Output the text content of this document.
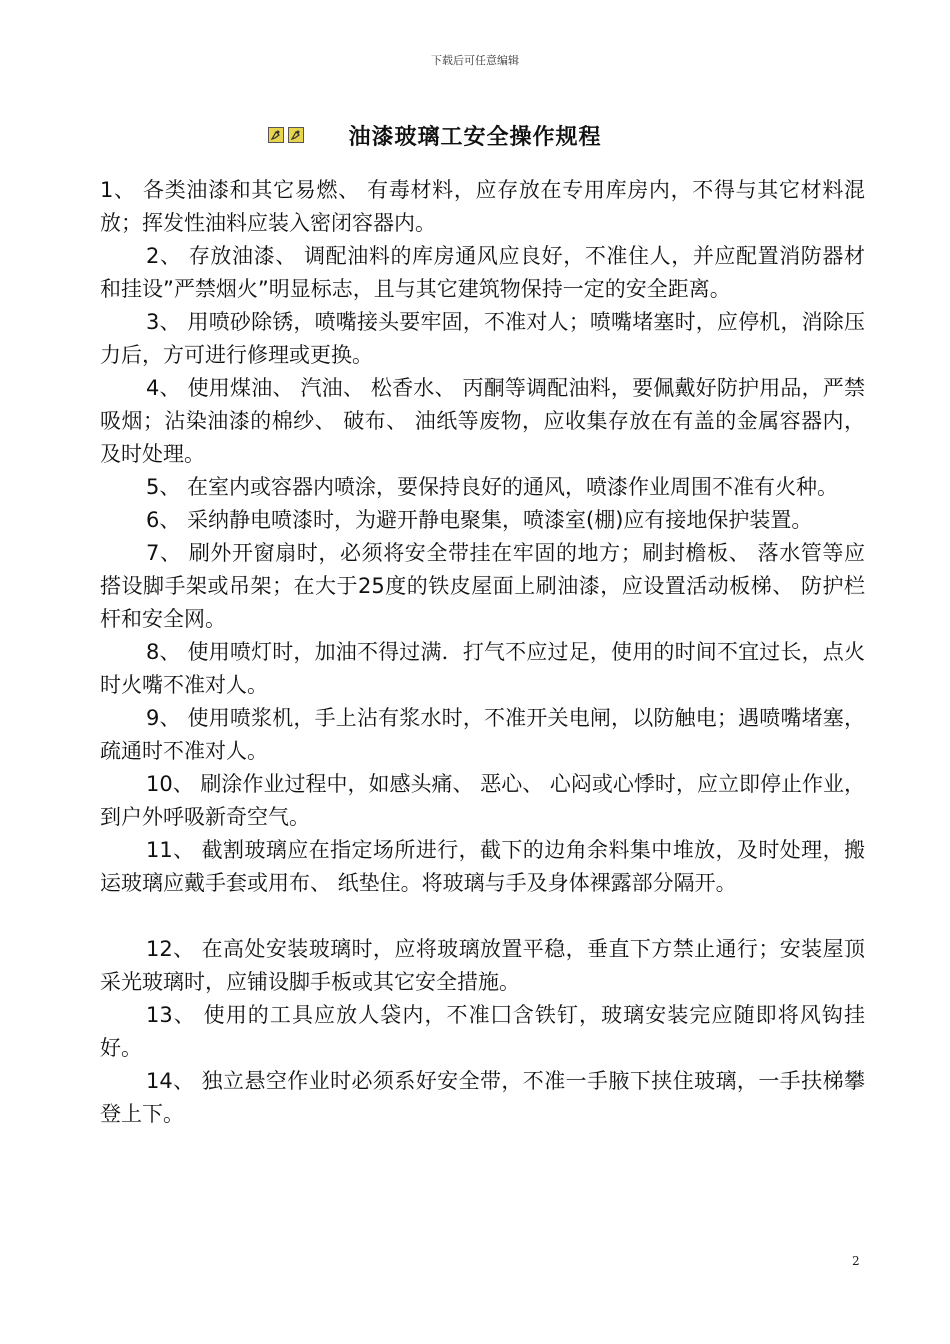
下载后可任意编辑
油漆玻璃工安全操作规程

1、 各类油漆和其它易燃、 有毒材料，应存放在专用库房内，不得与其它材料混放；挥发性油料应装入密闭容器内。

2、 存放油漆、 调配油料的库房通风应良好，不准住人，并应配置消防器材和挂设”严禁烟火”明显标志，且与其它建筑物保持一定的安全距离。

3、 用喷砂除锈，喷嘴接头要牢固，不准对人；喷嘴堵塞时，应停机，消除压力后，方可进行修理或更换。

4、 使用煤油、 汽油、 松香水、 丙酮等调配油料，要佩戴好防护用品，严禁吸烟；沾染油漆的棉纱、 破布、 油纸等废物，应收集存放在有盖的金属容器内，及时处理。

5、 在室内或容器内喷涂，要保持良好的通风，喷漆作业周围不准有火种。

6、 采纳静电喷漆时，为避开静电聚集，喷漆室(棚)应有接地保护装置。

7、 刷外开窗扇时，必须将安全带挂在牢固的地方；刷封檐板、 落水管等应搭设脚手架或吊架；在大于25度的铁皮屋面上刷油漆，应设置活动板梯、 防护栏杆和安全网。

8、 使用喷灯时，加油不得过满．打气不应过足，使用的时间不宜过长，点火时火嘴不准对人。

9、 使用喷浆机，手上沾有浆水时，不准开关电闸，以防触电；遇喷嘴堵塞，疏通时不准对人。

10、 刷涂作业过程中，如感头痛、 恶心、 心闷或心悸时，应立即停止作业，到户外呼吸新奇空气。

11、 截割玻璃应在指定场所进行，截下的边角余料集中堆放，及时处理，搬运玻璃应戴手套或用布、 纸垫住。将玻璃与手及身体裸露部分隔开。

12、 在高处安装玻璃时，应将玻璃放置平稳，垂直下方禁止通行；安装屋顶采光玻璃时，应铺设脚手板或其它安全措施。

13、 使用的工具应放人袋内，不准囗含铁钉，玻璃安装完应随即将风钩挂好。

14、 独立悬空作业时必须系好安全带，不准一手腋下挟住玻璃，一手扶梯攀登上下。

2
